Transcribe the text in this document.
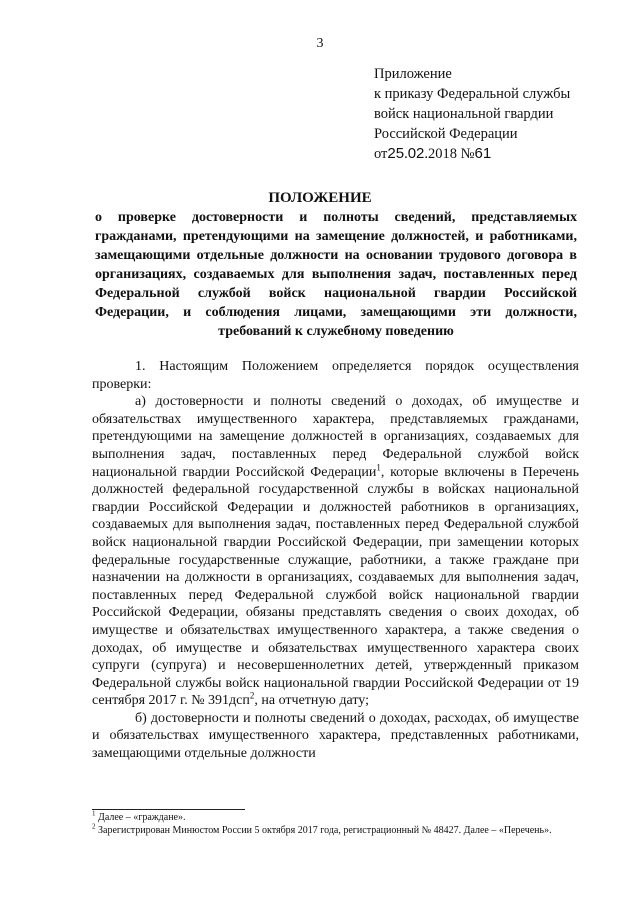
3
Приложение
к приказу Федеральной службы
войск национальной гвардии
Российской Федерации
от25.02.2018 №61
ПОЛОЖЕНИЕ
о проверке достоверности и полноты сведений, представляемых гражданами, претендующими на замещение должностей, и работниками, замещающими отдельные должности на основании трудового договора в организациях, создаваемых для выполнения задач, поставленных перед Федеральной службой войск национальной гвардии Российской Федерации, и соблюдения лицами, замещающими эти должности, требований к служебному поведению

1. Настоящим Положением определяется порядок осуществления проверки:

а) достоверности и полноты сведений о доходах, об имуществе и обязательствах имущественного характера, представляемых гражданами, претендующими на замещение должностей в организациях, создаваемых для выполнения задач, поставленных перед Федеральной службой войск национальной гвардии Российской Федерации$^1$, которые включены в Перечень должностей федеральной государственной службы в войсках национальной гвардии Российской Федерации и должностей работников в организациях, создаваемых для выполнения задач, поставленных перед Федеральной службой войск национальной гвардии Российской Федерации, при замещении которых федеральные государственные служащие, работники, а также граждане при назначении на должности в организациях, создаваемых для выполнения задач, поставленных перед Федеральной службой войск национальной гвардии Российской Федерации, обязаны представлять сведения о своих доходах, об имуществе и обязательствах имущественного характера, а также сведения о доходах, об имуществе и обязательствах имущественного характера своих супруги (супруга) и несовершеннолетних детей, утвержденный приказом Федеральной службы войск национальной гвардии Российской Федерации от 19 сентября 2017 г. № 391дсп$^2$, на отчетную дату;

б) достоверности и полноты сведений о доходах, расходах, об имуществе и обязательствах имущественного характера, представленных работниками, замещающими отдельные должности

$^1$ Далее – «граждане».

$^2$ Зарегистрирован Минюстом России 5 октября 2017 года, регистрационный № 48427. Далее – «Перечень».
